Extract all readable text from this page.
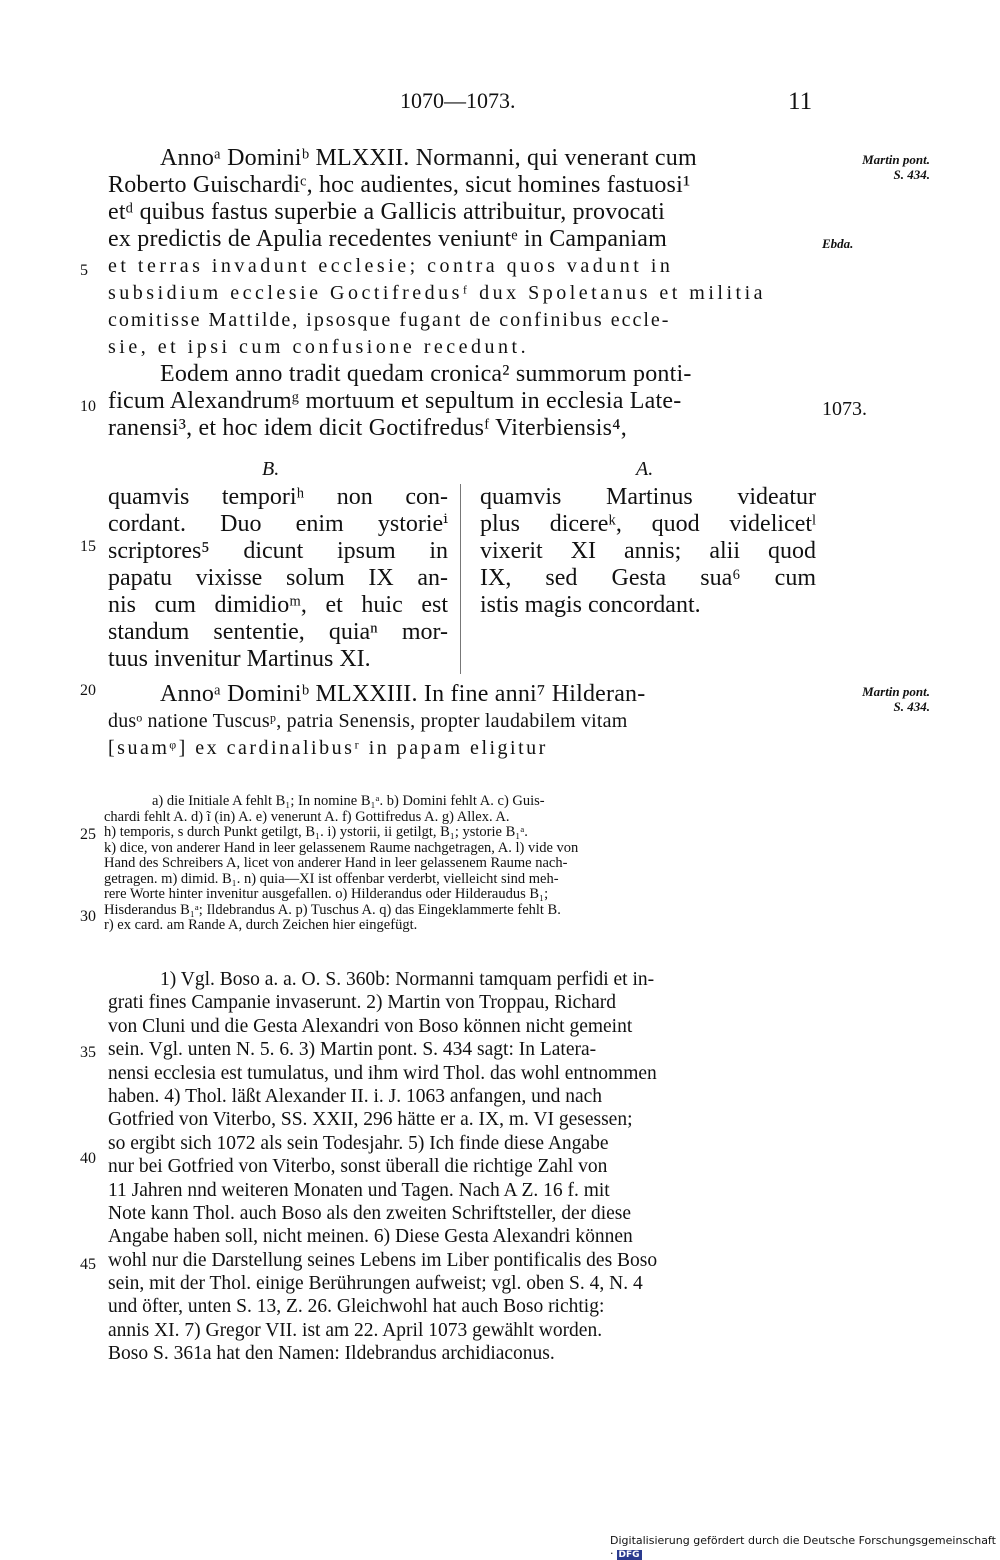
1070—1073.	11
Martin pont.
S. 434.
Ebda.
1073.
Martin pont.
S. 434.
5
10
15
20
25
30
35
40
45
Annoᵃ Dominiᵇ MLXXII. Normanni, qui venerant cum
Roberto Guischardiᶜ, hoc audientes, sicut homines fastuosi¹
etᵈ quibus fastus superbie a Gallicis attribuitur, provocati
ex predictis de Apulia recedentes veniuntᵉ in Campaniam
et terras invadunt ecclesie; contra quos vadunt in
subsidium ecclesie Goctifredusᶠ dux Spoletanus et militia
comitisse Mattilde, ipsosque fugant de confinibus eccle-
sie, et ipsi cum confusione recedunt.
Eodem anno tradit quedam cronica² summorum ponti-
ficum Alexandrumᵍ mortuum et sepultum in ecclesia Late-
ranensi³, et hoc idem dicit Goctifredusᶠ Viterbiensis⁴,
B.	A.
quamvis temporiʰ non con-
cordant. Duo enim ystorieⁱ
scriptores⁵ dicunt ipsum in
papatu vixisse solum IX an-
nis cum dimidioᵐ, et huic est
standum sententie, quiaⁿ mor-
tuus invenitur Martinus XI.
quamvis Martinus videatur
plus dicereᵏ, quod videlicetˡ
vixerit XI annis; alii quod
IX, sed Gesta sua⁶ cum
istis magis concordant.
Annoᵃ Dominiᵇ MLXXIII. In fine anni⁷ Hilderan-
dusᵒ natione Tuscusᵖ, patria Senensis, propter laudabilem vitam
[suamᵠ] ex cardinalibusʳ in papam eligitur
a) die Initiale A fehlt B₁; In nomine B₁ᵃ. b) Domini fehlt A. c) Guis-
chardi fehlt A. d) ĩ (in) A. e) venerunt A. f) Gottifredus A. g) Allex. A.
h) temporis, s durch Punkt getilgt, B₁. i) ystorii, ii getilgt, B₁; ystorie B₁ᵃ.
k) dice, von anderer Hand in leer gelassenem Raume nachgetragen, A. l) vide von
Hand des Schreibers A, licet von anderer Hand in leer gelassenem Raume nach-
getragen. m) dimid. B₁. n) quia—XI ist offenbar verderbt, vielleicht sind meh-
rere Worte hinter invenitur ausgefallen. o) Hilderandus oder Hilderaudus B₁;
Hisderandus B₁ᵃ; Ildebrandus A. p) Tuschus A. q) das Eingeklammerte fehlt B.
r) ex card. am Rande A, durch Zeichen hier eingefügt.
1) Vgl. Boso a. a. O. S. 360b: Normanni tamquam perfidi et in-
grati fines Campanie invaserunt. 2) Martin von Troppau, Richard
von Cluni und die Gesta Alexandri von Boso können nicht gemeint
sein. Vgl. unten N. 5. 6. 3) Martin pont. S. 434 sagt: In Latera-
nensi ecclesia est tumulatus, und ihm wird Thol. das wohl entnommen
haben. 4) Thol. läßt Alexander II. i. J. 1063 anfangen, und nach
Gotfried von Viterbo, SS. XXII, 296 hätte er a. IX, m. VI gesessen;
so ergibt sich 1072 als sein Todesjahr. 5) Ich finde diese Angabe
nur bei Gotfried von Viterbo, sonst überall die richtige Zahl von
11 Jahren nnd weiteren Monaten und Tagen. Nach A Z. 16 f. mit
Note kann Thol. auch Boso als den zweiten Schriftsteller, der diese
Angabe haben soll, nicht meinen. 6) Diese Gesta Alexandri können
wohl nur die Darstellung seines Lebens im Liber pontificalis des Boso
sein, mit der Thol. einige Berührungen aufweist; vgl. oben S. 4, N. 4
und öfter, unten S. 13, Z. 26. Gleichwohl hat auch Boso richtig:
annis XI. 7) Gregor VII. ist am 22. April 1073 gewählt worden.
Boso S. 361a hat den Namen: Ildebrandus archidiaconus.
Digitalisierung gefördert durch die Deutsche Forschungsgemeinschaft · DFG
